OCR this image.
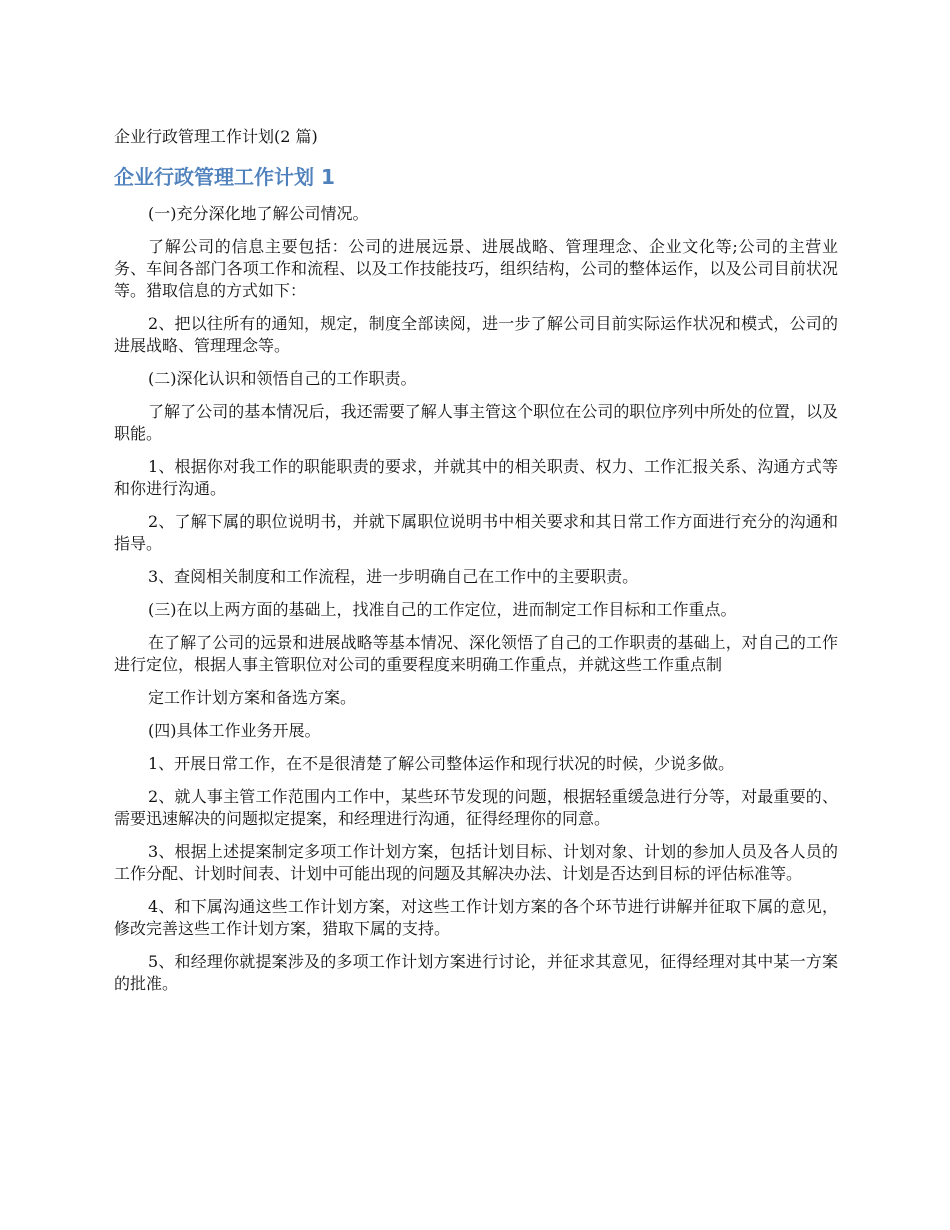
企业行政管理工作计划(2 篇)
企业行政管理工作计划 1

(一)充分深化地了解公司情况。

了解公司的信息主要包括：公司的进展远景、进展战略、管理理念、企业文化等;公司的主营业务、车间各部门各项工作和流程、以及工作技能技巧，组织结构，公司的整体运作，以及公司目前状况等。猎取信息的方式如下：

2、把以往所有的通知，规定，制度全部读阅，进一步了解公司目前实际运作状况和模式，公司的进展战略、管理理念等。

(二)深化认识和领悟自己的工作职责。

了解了公司的基本情况后，我还需要了解人事主管这个职位在公司的职位序列中所处的位置，以及职能。

1、根据你对我工作的职能职责的要求，并就其中的相关职责、权力、工作汇报关系、沟通方式等和你进行沟通。

2、了解下属的职位说明书，并就下属职位说明书中相关要求和其日常工作方面进行充分的沟通和指导。

3、查阅相关制度和工作流程，进一步明确自己在工作中的主要职责。

(三)在以上两方面的基础上，找准自己的工作定位，进而制定工作目标和工作重点。

在了解了公司的远景和进展战略等基本情况、深化领悟了自己的工作职责的基础上，对自己的工作进行定位，根据人事主管职位对公司的重要程度来明确工作重点，并就这些工作重点制

定工作计划方案和备选方案。

(四)具体工作业务开展。

1、开展日常工作，在不是很清楚了解公司整体运作和现行状况的时候，少说多做。

2、就人事主管工作范围内工作中，某些环节发现的问题，根据轻重缓急进行分等，对最重要的、需要迅速解决的问题拟定提案，和经理进行沟通，征得经理你的同意。

3、根据上述提案制定多项工作计划方案，包括计划目标、计划对象、计划的参加人员及各人员的工作分配、计划时间表、计划中可能出现的问题及其解决办法、计划是否达到目标的评估标准等。

4、和下属沟通这些工作计划方案，对这些工作计划方案的各个环节进行讲解并征取下属的意见，修改完善这些工作计划方案，猎取下属的支持。

5、和经理你就提案涉及的多项工作计划方案进行讨论，并征求其意见，征得经理对其中某一方案的批准。
